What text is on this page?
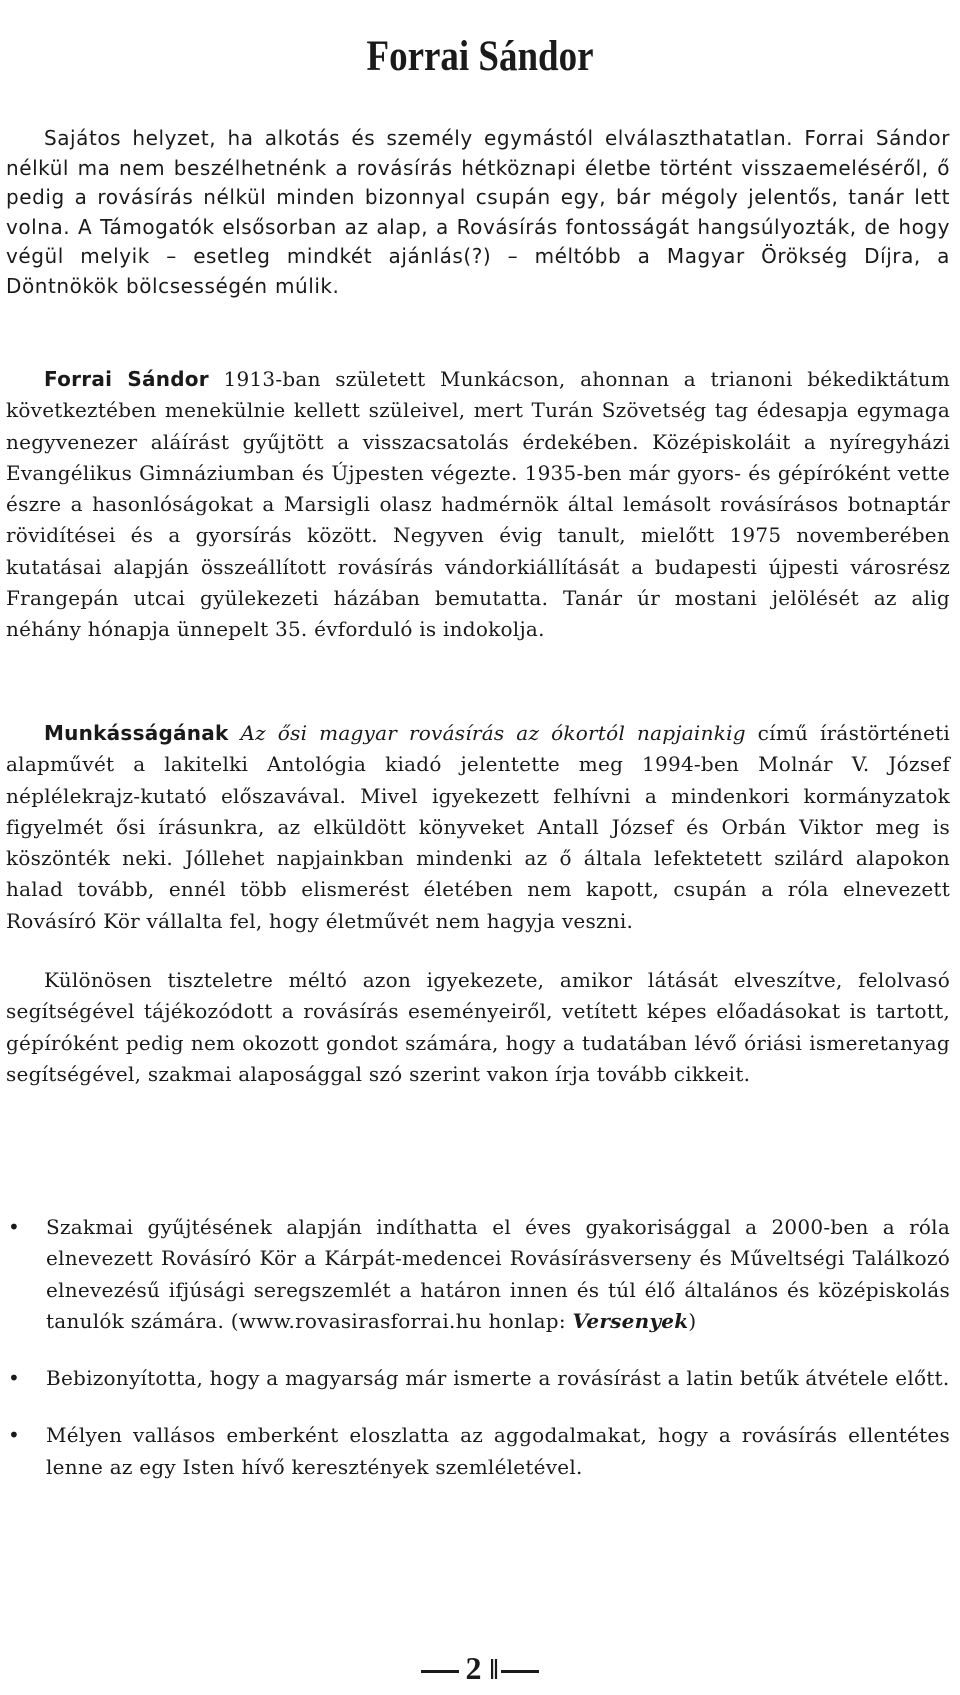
Forrai Sándor

Sajátos helyzet, ha alkotás és személy egymástól elválaszthatatlan. Forrai Sándor nélkül ma nem beszélhetnénk a rovásírás hétköznapi életbe történt visszaemeléséről, ő pedig a rovásírás nélkül minden bizonnyal csupán egy, bár mégoly jelentős, tanár lett volna. A Támogatók elsősorban az alap, a Rovásírás fontosságát hangsúlyozták, de hogy végül melyik – esetleg mindkét ajánlás(?) – méltóbb a Magyar Örökség Díjra, a Döntnökök bölcsességén múlik.

Forrai Sándor 1913-ban született Munkácson, ahonnan a trianoni békediktátum következtében menekülnie kellett szüleivel, mert Turán Szövetség tag édesapja egymaga negyvenezer aláírást gyűjtött a visszacsatolás érdekében. Középiskoláit a nyíregyházi Evangélikus Gimnáziumban és Újpesten végezte. 1935-ben már gyors- és gépíróként vette észre a hasonlóságokat a Marsigli olasz hadmérnök által lemásolt rovásírásos botnaptár rövidítései és a gyorsírás között. Negyven évig tanult, mielőtt 1975 novemberében kutatásai alapján összeállított rovásírás vándorkiállítását a budapesti újpesti városrész Frangepán utcai gyülekezeti házában bemutatta. Tanár úr mostani jelölését az alig néhány hónapja ünnepelt 35. évforduló is indokolja.

Munkásságának Az ősi magyar rovásírás az ókortól napjainkig című írástörténeti alapművét a lakitelki Antológia kiadó jelentette meg 1994-ben Molnár V. József néplélekrajz-kutató előszavával. Mivel igyekezett felhívni a mindenkori kormányzatok figyelmét ősi írásunkra, az elküldött könyveket Antall József és Orbán Viktor meg is köszönték neki. Jóllehet napjainkban mindenki az ő általa lefektetett szilárd alapokon halad tovább, ennél több elismerést életében nem kapott, csupán a róla elnevezett Rovásíró Kör vállalta fel, hogy életművét nem hagyja veszni.

Különösen tiszteletre méltó azon igyekezete, amikor látását elveszítve, felolvasó segítségével tájékozódott a rovásírás eseményeiről, vetített képes előadásokat is tartott, gépíróként pedig nem okozott gondot számára, hogy a tudatában lévő óriási ismeretanyag segítségével, szakmai alaposággal szó szerint vakon írja tovább cikkeit.

• Szakmai gyűjtésének alapján indíthatta el éves gyakorisággal a 2000-ben a róla elnevezett Rovásíró Kör a Kárpát-medencei Rovásírásverseny és Műveltségi Találkozó elnevezésű ifjúsági seregszemlét a határon innen és túl élő általános és középiskolás tanulók számára. (www.rovasirasforrai.hu honlap: Versenyek)
• Bebizonyította, hogy a magyarság már ismerte a rovásírást a latin betűk átvétele előtt.
• Mélyen vallásos emberként eloszlatta az aggodalmakat, hogy a rovásírás ellentétes lenne az egy Isten hívő keresztények szemléletével.
2 ǁ
